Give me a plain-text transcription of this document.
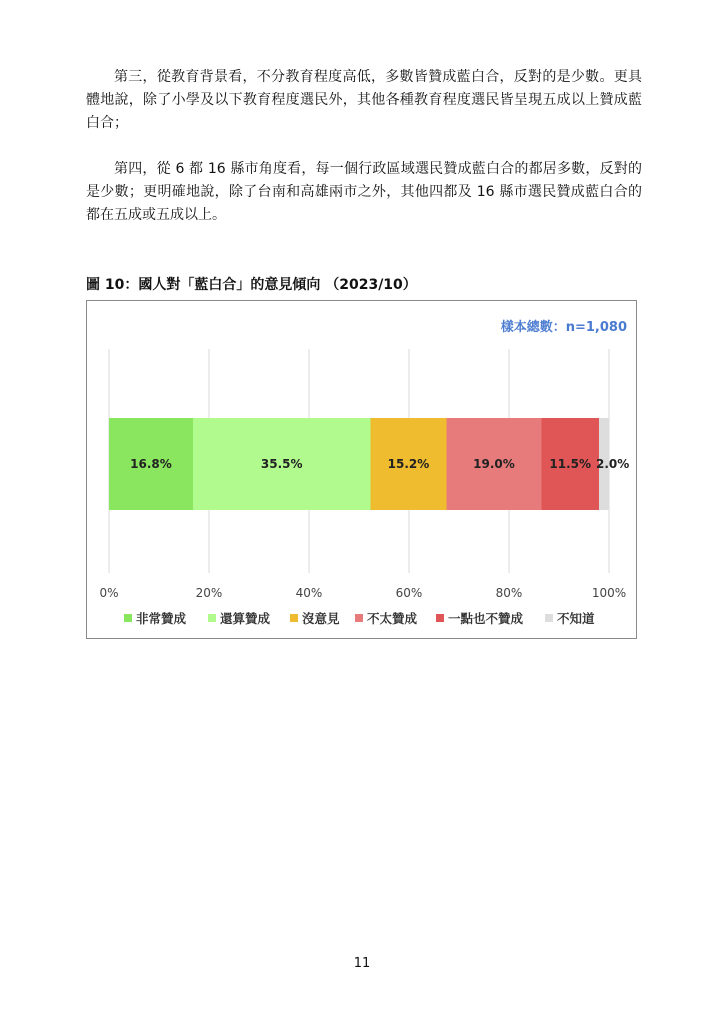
第三，從教育背景看，不分教育程度高低，多數皆贊成藍白合，反對的是少數。更具體地說，除了小學及以下教育程度選民外，其他各種教育程度選民皆呈現五成以上贊成藍白合；

第四，從 6 都 16 縣市角度看，每一個行政區域選民贊成藍白合的都居多數，反對的是少數；更明確地說，除了台南和高雄兩市之外，其他四都及 16 縣市選民贊成藍白合的都在五成或五成以上。

圖 10：國人對「藍白合」的意見傾向 （2023/10）
樣本總數：n=1,080
0%	20%	40%	60%	80%	100%
16.8%	35.5%	15.2%	19.0%	11.5% 2.0%
非常贊成	還算贊成	沒意見 不太贊成 一點也不贊成	不知道
11
